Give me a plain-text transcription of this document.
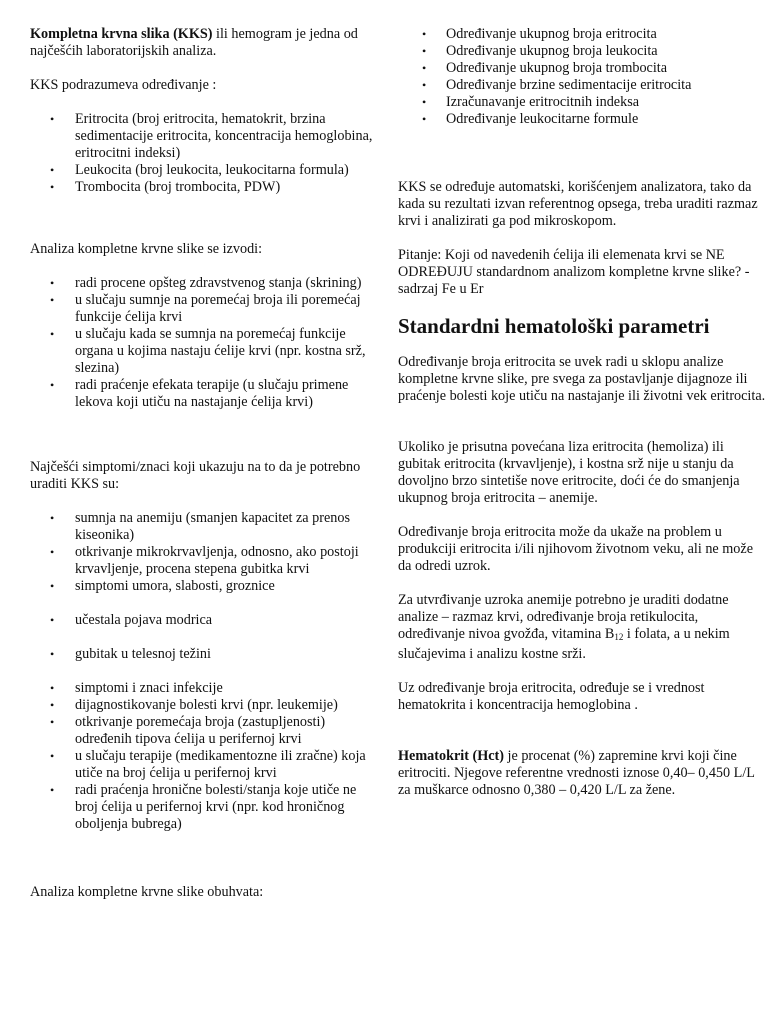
Kompletna krvna slika (KKS) ili hemogram je jedna od najčešćih laboratorijskih analiza.

KKS podrazumeva određivanje :

• Eritrocita (broj eritrocita, hematokrit, brzina sedimentacije eritrocita, koncentracija hemoglobina, eritrocitni indeksi)
• Leukocita (broj leukocita, leukocitarna formula)
• Trombocita (broj trombocita, PDW)

Analiza kompletne krvne slike se izvodi:

• radi procene opšteg zdravstvenog stanja (skrining)
• u slučaju sumnje na poremećaj broja ili poremećaj funkcije ćelija krvi
• u slučaju kada se sumnja na poremećaj funkcije organa u kojima nastaju ćelije krvi (npr. kostna srž, slezina)
• radi praćenje efekata terapije (u slučaju primene lekova koji utiču na nastajanje ćelija krvi)

Najčešći simptomi/znaci koji ukazuju na to da je potrebno uraditi KKS su:

• sumnja na anemiju (smanjen kapacitet za prenos kiseonika)
• otkrivanje mikrokrvavljenja, odnosno, ako postoji krvavljenje, procena stepena gubitka krvi
• simptomi umora, slabosti, groznice
• učestala pojava modrica
• gubitak u telesnoj težini
• simptomi i znaci infekcije
• dijagnostikovanje bolesti krvi (npr. leukemije)
• otkrivanje poremećaja broja (zastupljenosti) određenih tipova ćelija u perifernoj krvi
• u slučaju terapije (medikamentozne ili zračne) koja utiče na broj ćelija u perifernoj krvi
• radi praćenja hronične bolesti/stanja koje utiče ne broj ćelija u perifernoj krvi (npr. kod hroničnog oboljenja bubrega)

Analiza kompletne krvne slike obuhvata:

• Određivanje ukupnog broja eritrocita
• Određivanje ukupnog broja leukocita
• Određivanje ukupnog broja trombocita
• Određivanje brzine sedimentacije eritrocita
• Izračunavanje eritrocitnih indeksa
• Određivanje leukocitarne formule

KKS se određuje automatski, korišćenjem analizatora, tako da kada su rezultati izvan referentnog opsega, treba uraditi razmaz krvi i analizirati ga pod mikroskopom.

Pitanje: Koji od navedenih ćelija ili elemenata krvi se NE ODREĐUJU standardnom analizom kompletne krvne slike? - sadrzaj Fe u Er

Standardni hematološki parametri

Određivanje broja eritrocita se uvek radi u sklopu analize kompletne krvne slike, pre svega za postavljanje dijagnoze ili praćenje bolesti koje utiču na nastajanje ili životni vek eritrocita.

Ukoliko je prisutna povećana liza eritrocita (hemoliza) ili gubitak eritrocita (krvavljenje), i kostna srž nije u stanju da dovoljno brzo sintetiše nove eritrocite, doći će do smanjenja ukupnog broja eritrocita – anemije.

Određivanje broja eritrocita može da ukaže na problem u produkciji eritrocita i/ili njihovom životnom veku, ali ne može da odredi uzrok.

Za utvrđivanje uzroka anemije potrebno je uraditi dodatne analize – razmaz krvi, određivanje broja retikulocita, određivanje nivoa gvožđa, vitamina $B_{12}$ i folata, a u nekim slučajevima i analizu kostne srži.

Uz određivanje broja eritrocita, određuje se i vrednost hematokrita i koncentracija hemoglobina .

Hematokrit (Hct) je procenat (%) zapremine krvi koji čine eritrociti. Njegove referentne vrednosti iznose 0,40– 0,450 L/L za muškarce odnosno 0,380 – 0,420 L/L za žene.
